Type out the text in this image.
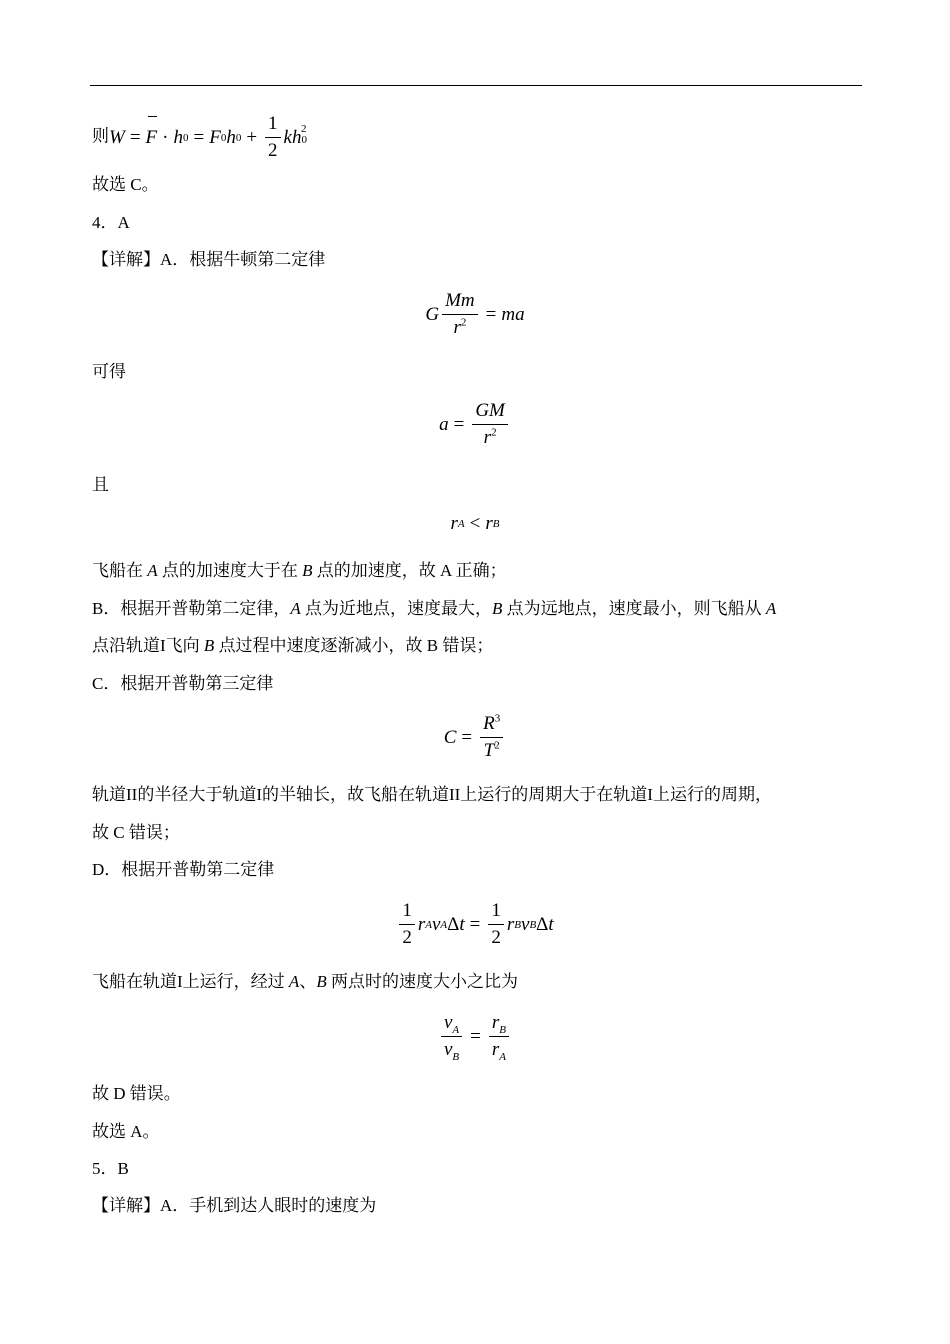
则W = F · h 0 = F 0 h $0 + \frac{1}{2} kh_0$
$^2$
故选 C。
4．A
【详解】A．根据牛顿第二定律
G $\frac{Mm}{r^2}$ = ma
可得
$a = \frac{GM}{r^2}$
且
r A < r B
飞船在 A 点的加速度大于在 B 点的加速度，故 A 正确；
B．根据开普勒第二定律，A 点为近地点，速度最大，B 点为远地点，速度最小，则飞船从 A
点沿轨道I飞向 B 点过程中速度逐渐减小，故 B 错误；
C．根据开普勒第三定律
$C = \frac{R^3}{T^2}$
轨道II的半径大于轨道I的半轴长，故飞船在轨道II上运行的周期大于在轨道I上运行的周期，
故 C 错误；
D．根据开普勒第二定律
$\frac{1}{2}$ r A v A Δ $t = \frac{1}{2}$ r B v B Δ t
飞船在轨道I上运行，经过 A、B 两点时的速度大小之比为
$\frac{v_A}{v_B} = \frac{r_B}{r_A}$
故 D 错误。
故选 A。
5．B
【详解】A．手机到达人眼时的速度为
